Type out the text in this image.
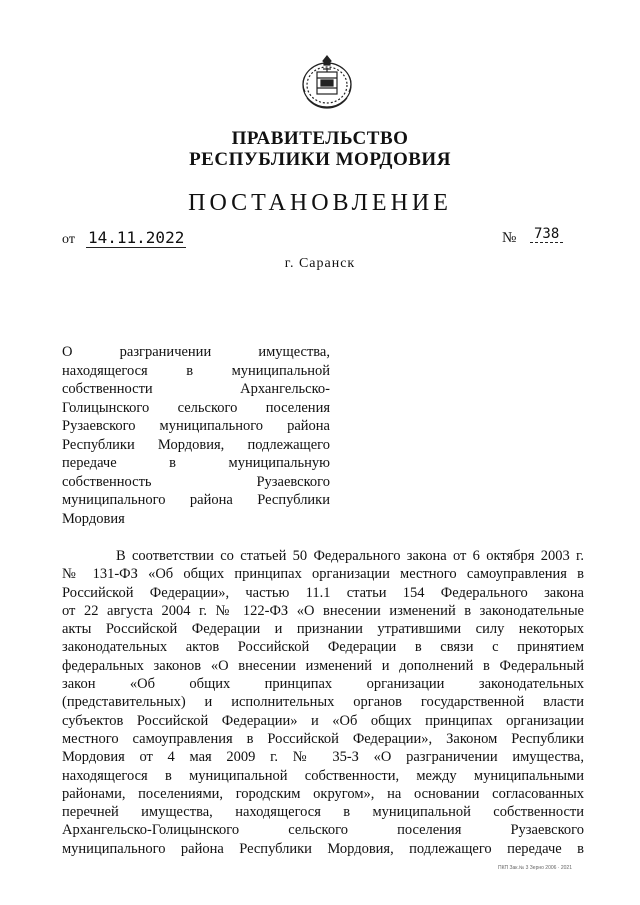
ПРАВИТЕЛЬСТВО
РЕСПУБЛИКИ МОРДОВИЯ
ПОСТАНОВЛЕНИЕ
от 14.11.2022	№ 738
г. Саранск
О разграничении имущества,
находящегося в муниципальной
собственности Архангельско-
Голицынского сельского поселения
Рузаевского муниципального района
Республики Мордовия, подлежащего
передаче в муниципальную
собственность Рузаевского
муниципального района Республики
Мордовия
В соответствии со статьей 50 Федерального закона от 6 октября 2003 г.
№ 131-ФЗ «Об общих принципах организации местного самоуправления в
Российской Федерации», частью 11.1 статьи 154 Федерального закона
от 22 августа 2004 г. № 122-ФЗ «О внесении изменений в законодательные
акты Российской Федерации и признании утратившими силу некоторых
законодательных актов Российской Федерации в связи с принятием
федеральных законов «О внесении изменений и дополнений в Федеральный
закон «Об общих принципах организации законодательных
(представительных) и исполнительных органов государственной власти
субъектов Российской Федерации» и «Об общих принципах организации
местного самоуправления в Российской Федерации», Законом Республики
Мордовия от 4 мая 2009 г. № 35-З «О разграничении имущества,
находящегося в муниципальной собственности, между муниципальными
районами, поселениями, городским округом», на основании согласованных
перечней имущества, находящегося в муниципальной собственности
Архангельско-Голицынского сельского поселения Рузаевского
муниципального района Республики Мордовия, подлежащего передаче в
ПКП Зак.№ 3 Зерно 2006 · 2021
